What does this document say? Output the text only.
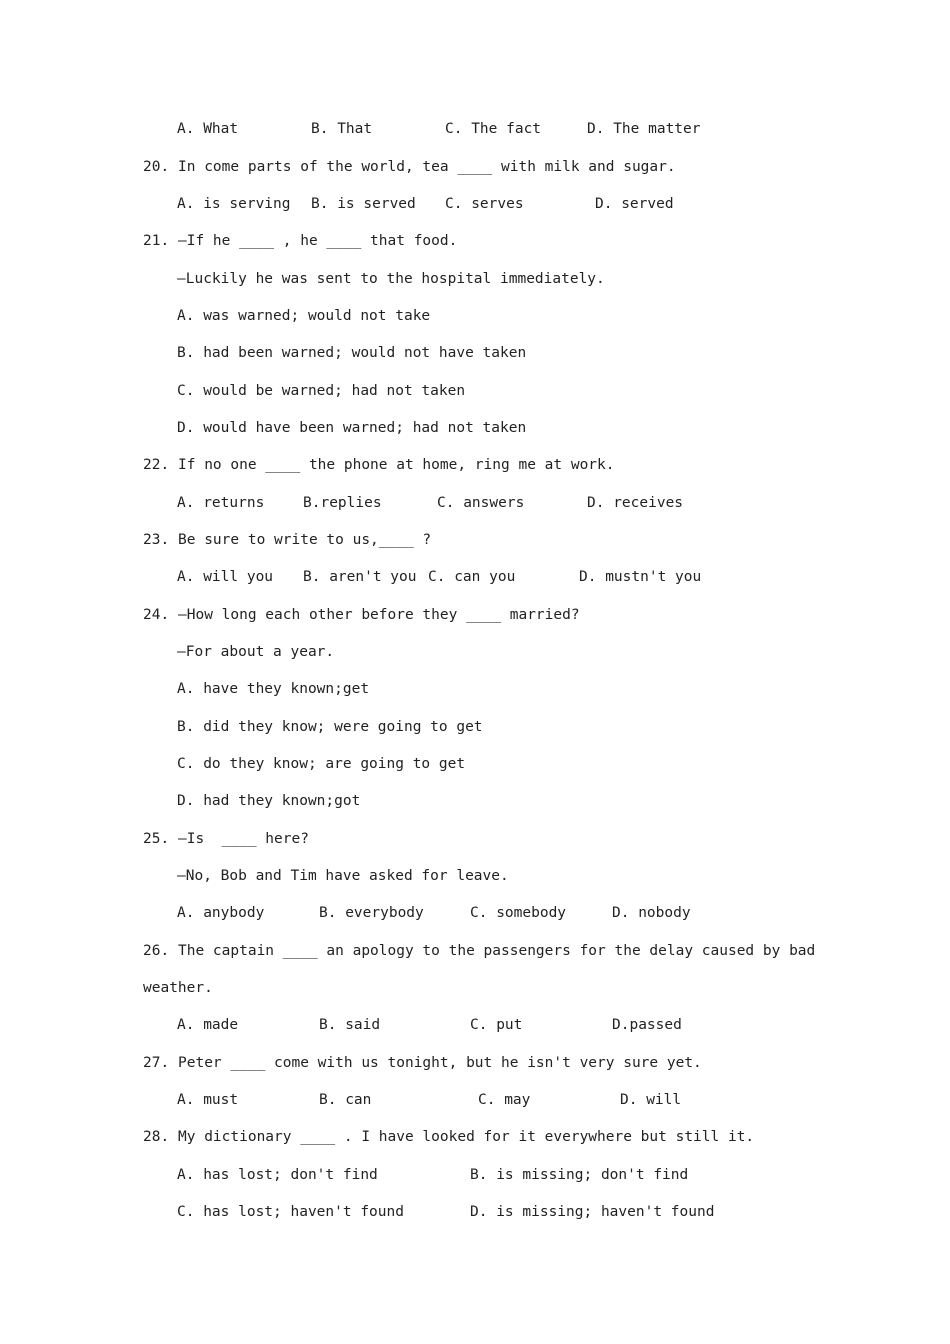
A. What	B. That	C. The fact	D. The matter
20. In come parts of the world, tea ____ with milk and sugar.
A. is serving B. is served C. serves	D. served
21. —If he ____ , he ____ that food.
—Luckily he was sent to the hospital immediately.
A. was warned; would not take
B. had been warned; would not have taken
C. would be warned; had not taken
D. would have been warned; had not taken
22. If no one ____ the phone at home, ring me at work.
A. returns	B.replies	C. answers	D. receives
23. Be sure to write to us,____ ?
A. will you B. aren't you C. can you	D. mustn't you
24. —How long each other before they ____ married?
—For about a year.
A. have they known;get
B. did they know; were going to get
C. do they know; are going to get
D. had they known;got
25. —Is  ____ here?
—No, Bob and Tim have asked for leave.
A. anybody	B. everybody	C. somebody	D. nobody
26. The captain ____ an apology to the passengers for the delay caused by bad
weather.
A. made	B. said	C. put	D.passed
27. Peter ____ come with us tonight, but he isn't very sure yet.
A. must	B. can	C. may	D. will
28. My dictionary ____ . I have looked for it everywhere but still it.
A. has lost; don't find	B. is missing; don't find
C. has lost; haven't found	D. is missing; haven't found
